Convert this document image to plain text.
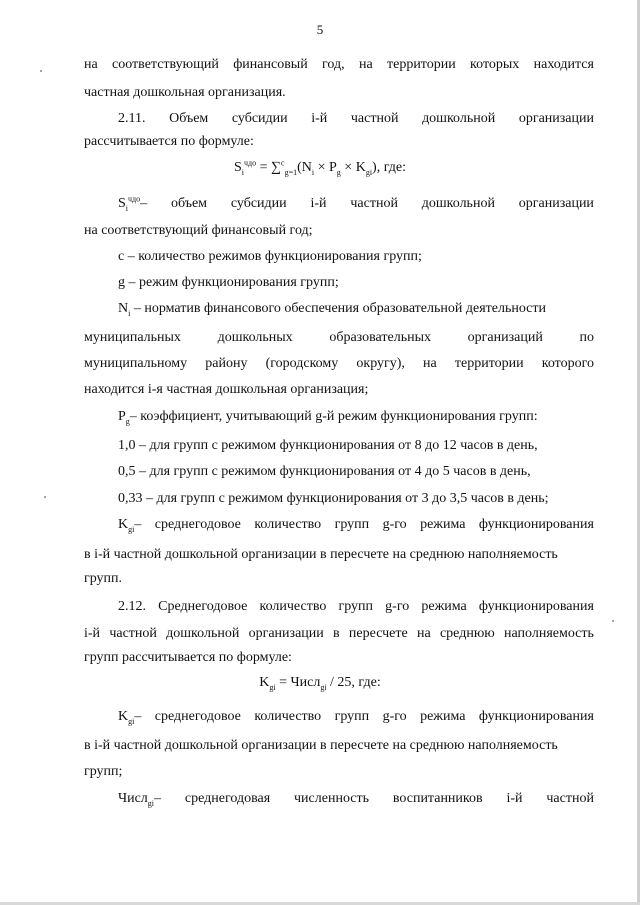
5
на соответствующий финансовый год, на территории которых находится
частная дошкольная организация.
2.11. Объем субсидии i-й частной дошкольной организации
рассчитывается по формуле:
$S_i^{чдо} = \sum^c_{g=1}(N_i \times P_g \times K_{gi})$, где:
$S_i^{чдо}-$ объем субсидии i-й частной дошкольной организации
на соответствующий финансовый год;
c – количество режимов функционирования групп;
g – режим функционирования групп;
$N_i$ – норматив финансового обеспечения образовательной деятельности
муниципальных	дошкольных	образовательных	организаций	по
муниципальному району (городскому округу), на территории которого
находится i-я частная дошкольная организация;
$P_g-$ коэффициент, учитывающий g-й режим функционирования групп:
1,0 – для групп с режимом функционирования от 8 до 12 часов в день,
0,5 – для групп с режимом функционирования от 4 до 5 часов в день,
0,33 – для групп с режимом функционирования от 3 до 3,5 часов в день;
$K_{gi}-$ среднегодовое количество групп g-го режима функционирования
в i-й частной дошкольной организации в пересчете на среднюю наполняемость
групп.
2.12. Среднегодовое количество групп g-го режима функционирования
i-й частной дошкольной организации в пересчете на среднюю наполняемость
групп рассчитывается по формуле:
$K_{gi}$ = Числ$_{gi}$ / 25, где:
$K_{gi}-$ среднегодовое количество групп g-го режима функционирования
в i-й частной дошкольной организации в пересчете на среднюю наполняемость
групп;
Числ$_{gi}$– среднегодовая численность воспитанников i-й частной
